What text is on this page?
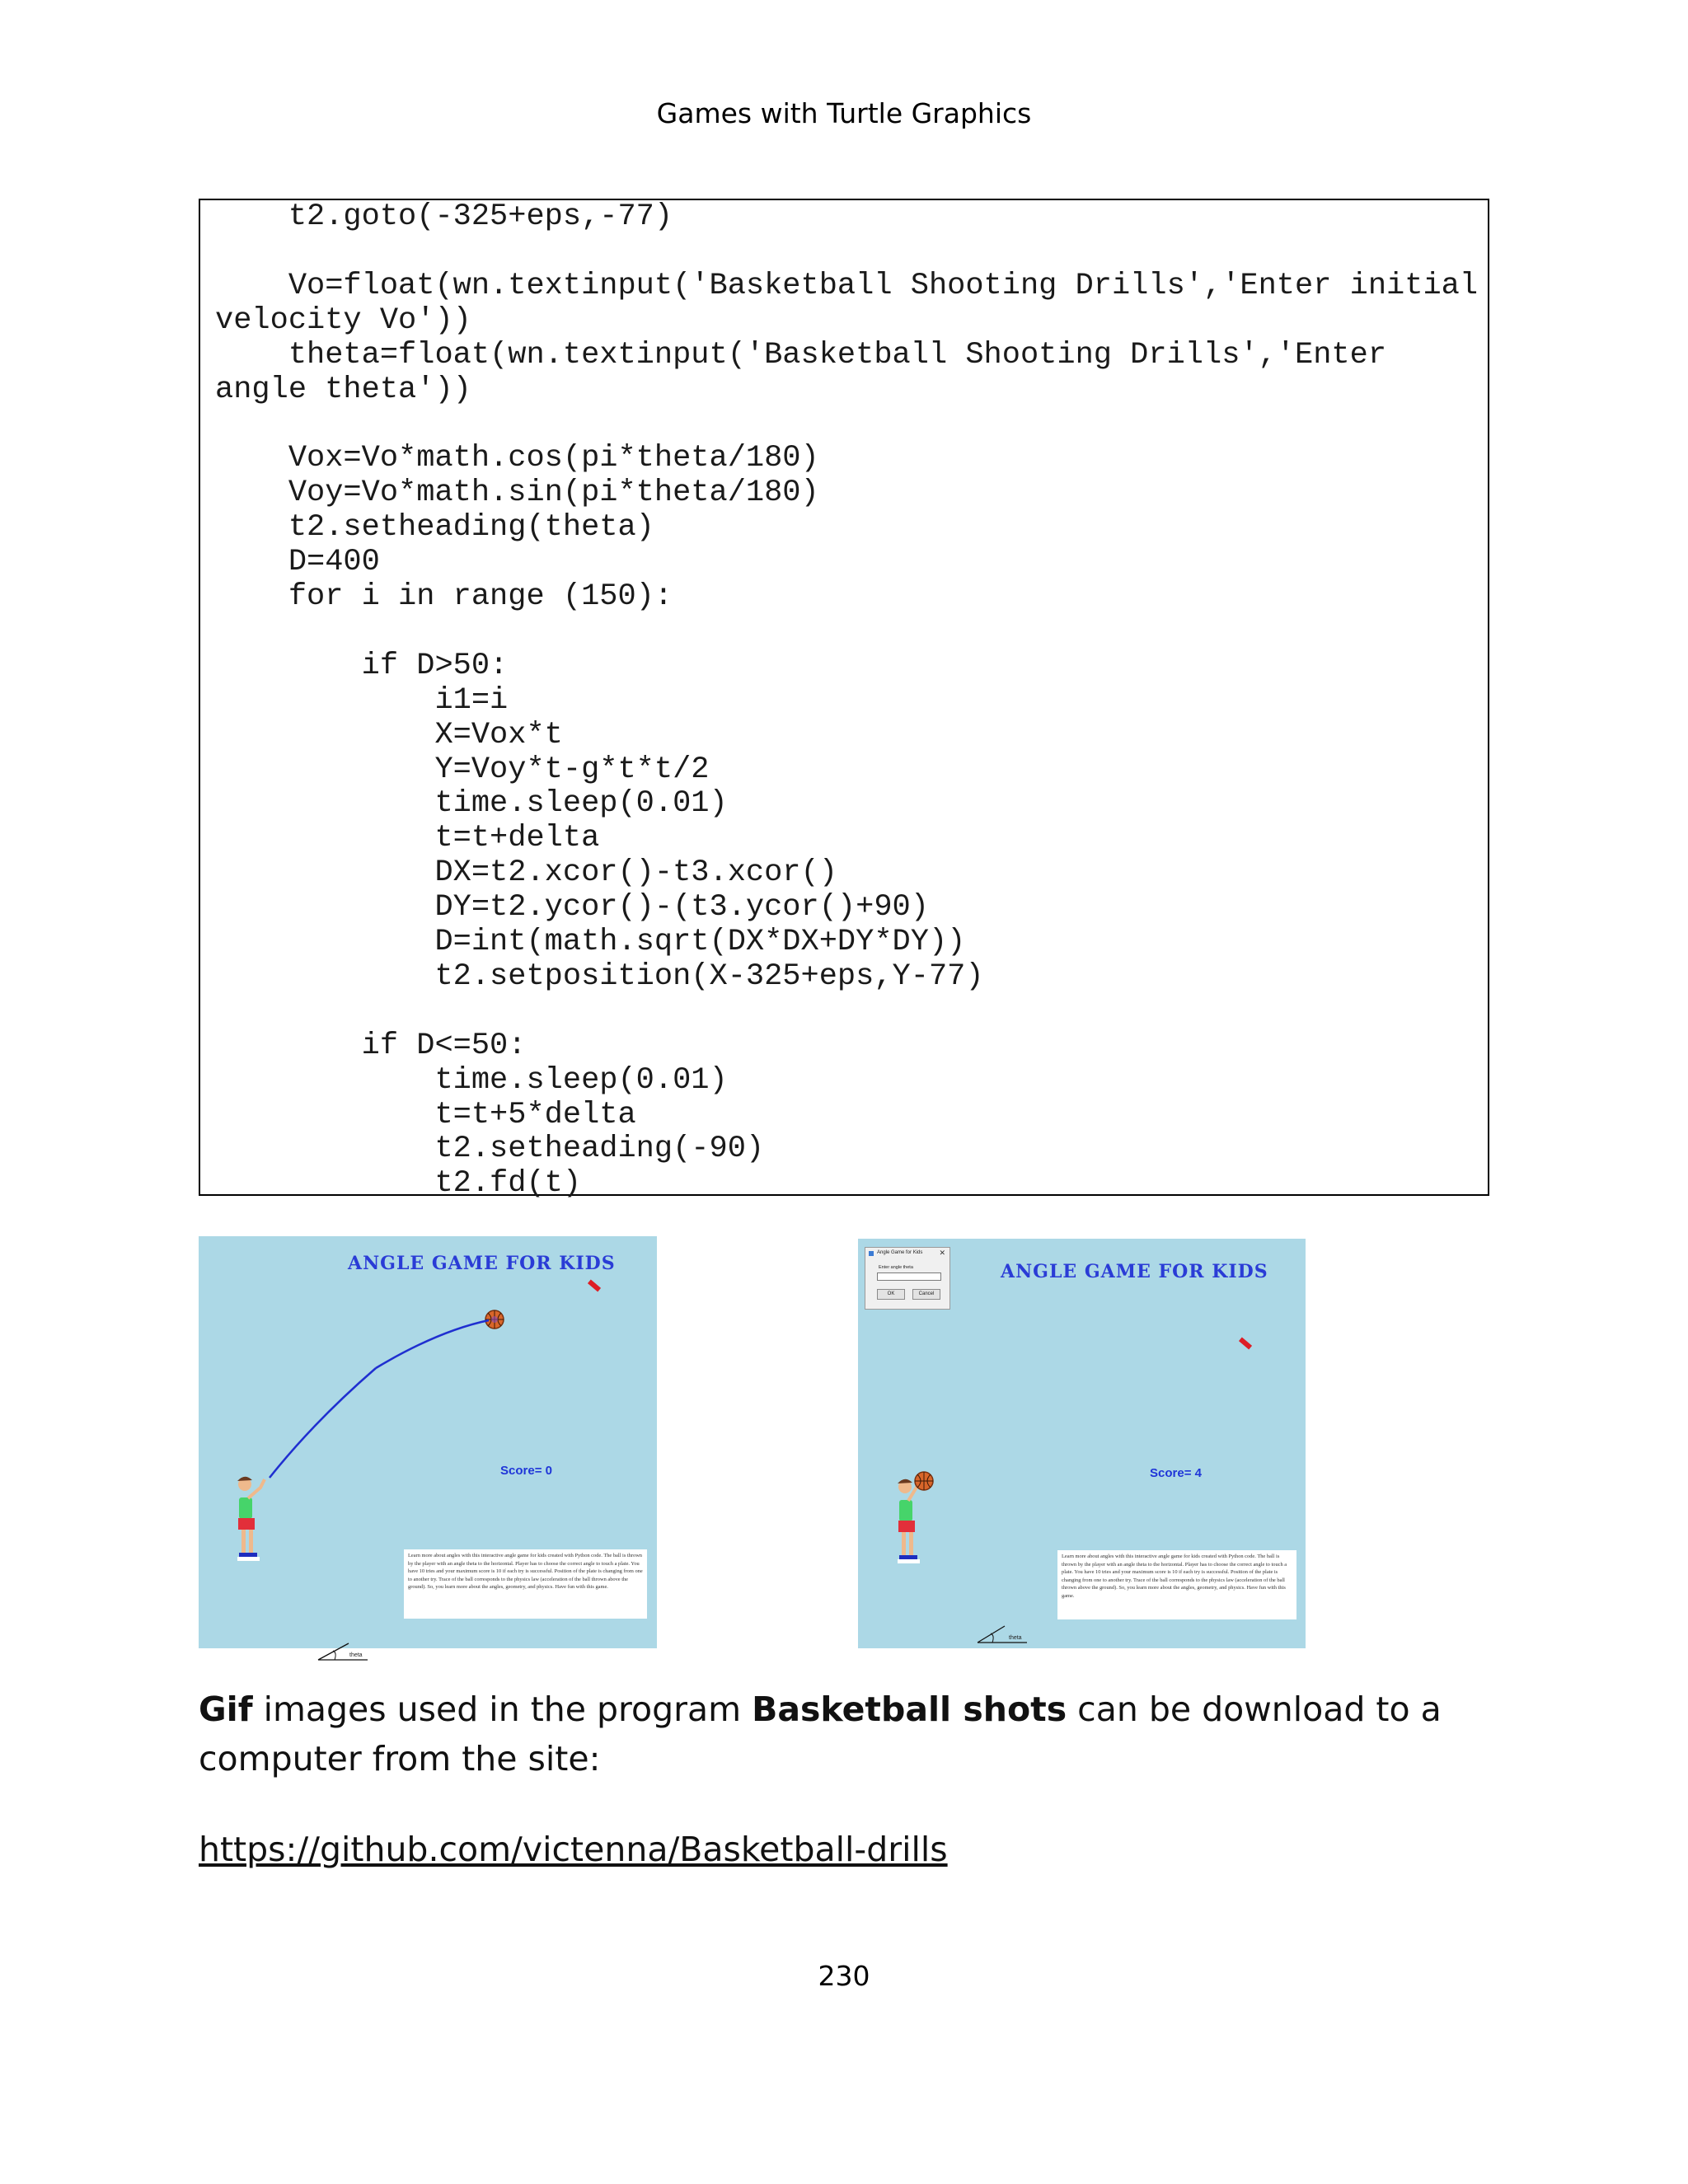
Games with Turtle Graphics
t2.goto(-325+eps,-77)

Vo=float(wn.textinput('Basketball Shooting Drills','Enter initial
velocity Vo'))
theta=float(wn.textinput('Basketball Shooting Drills','Enter
angle theta'))

Vox=Vo*math.cos(pi*theta/180)
Voy=Vo*math.sin(pi*theta/180)
t2.setheading(theta)
D=400
for i in range (150):

if D>50:
i1=i
X=Vox*t
Y=Voy*t-g*t*t/2
time.sleep(0.01)
t=t+delta
DX=t2.xcor()-t3.xcor()
DY=t2.ycor()-(t3.ycor()+90)
D=int(math.sqrt(DX*DX+DY*DY))
t2.setposition(X-325+eps,Y-77)

if D<=50:
time.sleep(0.01)
t=t+5*delta
t2.setheading(-90)
t2.fd(t)
ANGLE GAME FOR KIDS
Score= 0
Learn more about angles with this interactive angle game for kids created with Python code. The ball is thrown by the player with an angle theta to the horizontal. Player has to choose the correct angle to touch a plate. You have 10 tries and your maximum score is 10 if each try is successful. Position of the plate is changing from one to another try. Trace of the ball corresponds to the physics law (acceleration of the ball thrown above the ground). So, you learn more about the angles, geometry, and physics. Have fun with this game.
theta
ANGLE GAME FOR KIDS
Score= 4
Learn more about angles with this interactive angle game for kids created with Python code. The ball is thrown by the player with an angle theta to the horizontal. Player has to choose the correct angle to touch a plate. You have 10 tries and your maximum score is 10 if each try is successful. Position of the plate is changing from one to another try. Trace of the ball corresponds to the physics law (acceleration of the ball thrown above the ground). So, you learn more about the angles, geometry, and physics. Have fun with this game.
theta
Angle Game for Kids ✕
Enter angle theta
OK	Cancel
Gif images used in the program Basketball shots can be download to a computer from the site:
https://github.com/victenna/Basketball-drills
230
